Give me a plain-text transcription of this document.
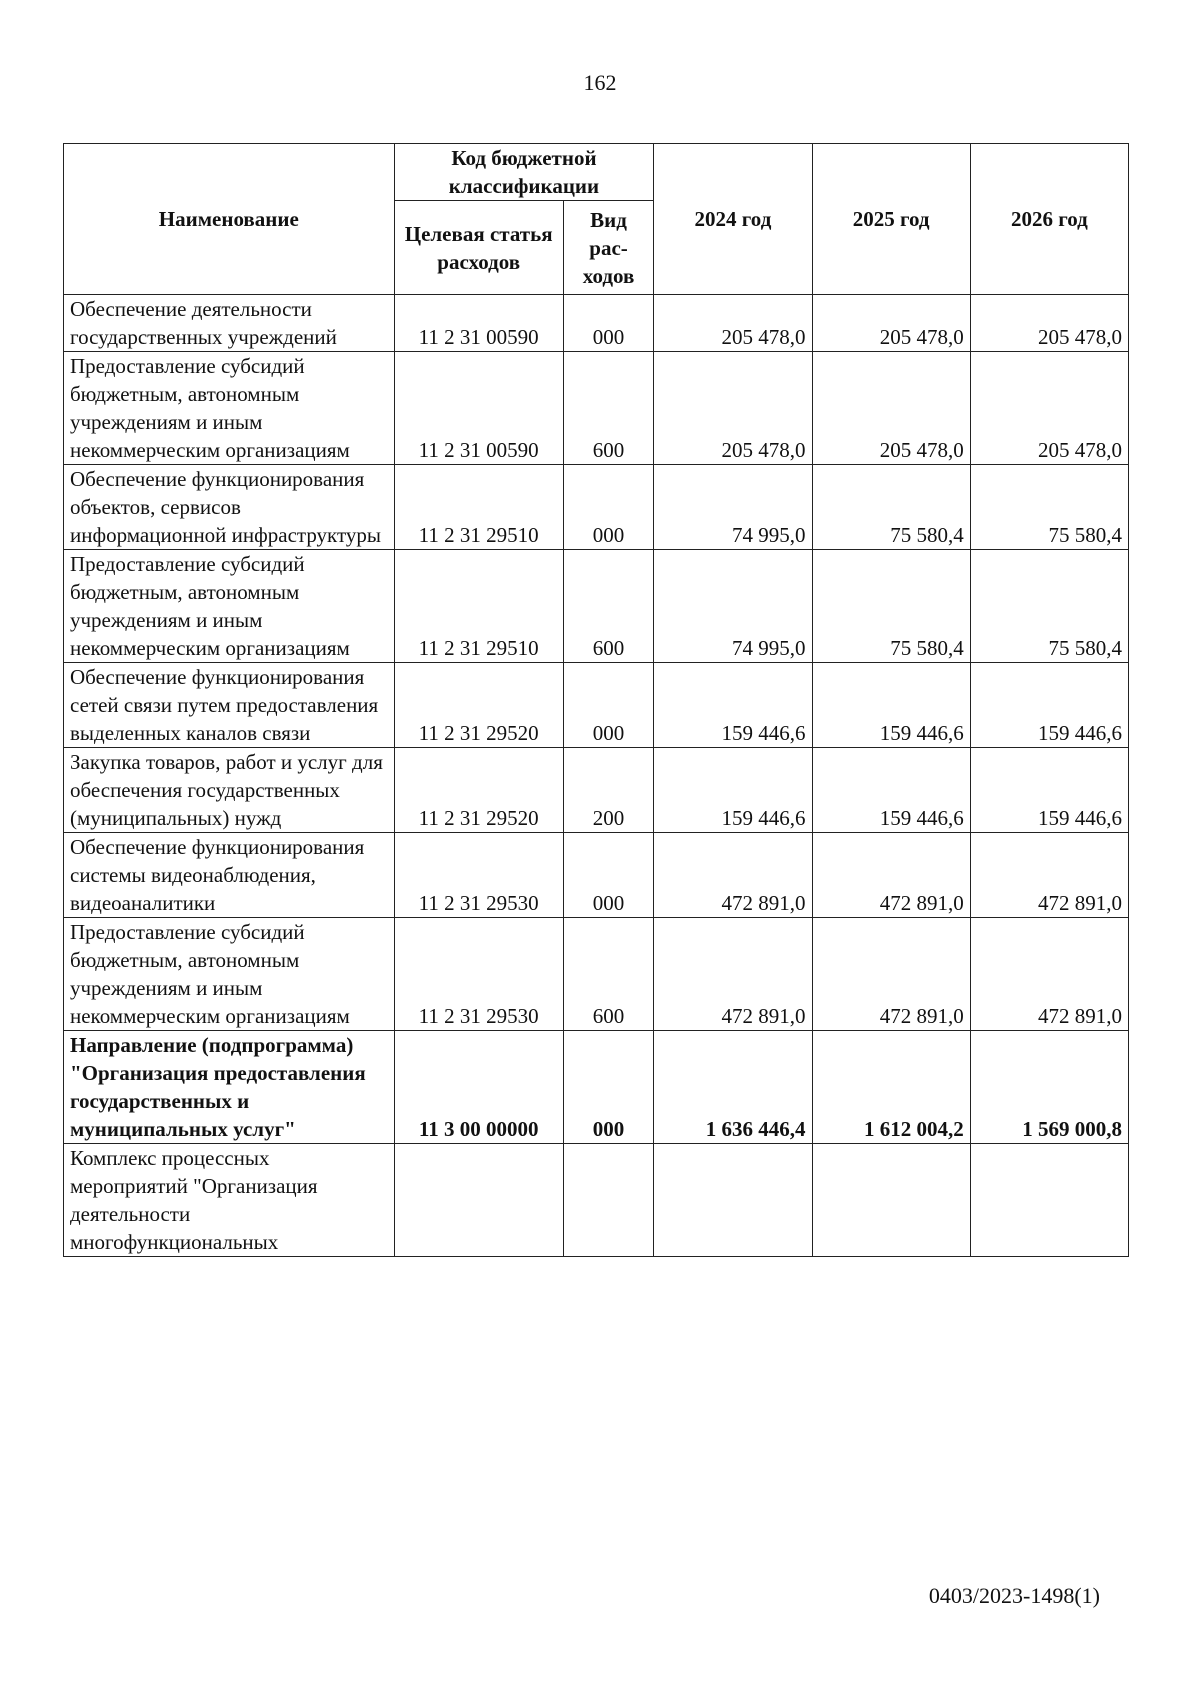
162
Наименование	Код бюджетной классификации		2024 год	2025 год	2026 год
	Целевая статья расходов	Вид рас-ходов			
Обеспечение деятельности государственных учреждений	11 2 31 00590	000	205 478,0	205 478,0	205 478,0
Предоставление субсидий бюджетным, автономным учреждениям и иным некоммерческим организациям	11 2 31 00590	600	205 478,0	205 478,0	205 478,0
Обеспечение функционирования объектов, сервисов информационной инфраструктуры	11 2 31 29510	000	74 995,0	75 580,4	75 580,4
Предоставление субсидий бюджетным, автономным учреждениям и иным некоммерческим организациям	11 2 31 29510	600	74 995,0	75 580,4	75 580,4
Обеспечение функционирования сетей связи путем предоставления выделенных каналов связи	11 2 31 29520	000	159 446,6	159 446,6	159 446,6
Закупка товаров, работ и услуг для обеспечения государственных (муниципальных) нужд	11 2 31 29520	200	159 446,6	159 446,6	159 446,6
Обеспечение функционирования системы видеонаблюдения, видеоаналитики	11 2 31 29530	000	472 891,0	472 891,0	472 891,0
Предоставление субсидий бюджетным, автономным учреждениям и иным некоммерческим организациям	11 2 31 29530	600	472 891,0	472 891,0	472 891,0
Направление (подпрограмма) "Организация предоставления государственных и муниципальных услуг"	11 3 00 00000	000	1 636 446,4	1 612 004,2	1 569 000,8
Комплекс процессных мероприятий "Организация деятельности многофункциональных					
0403/2023-1498(1)
